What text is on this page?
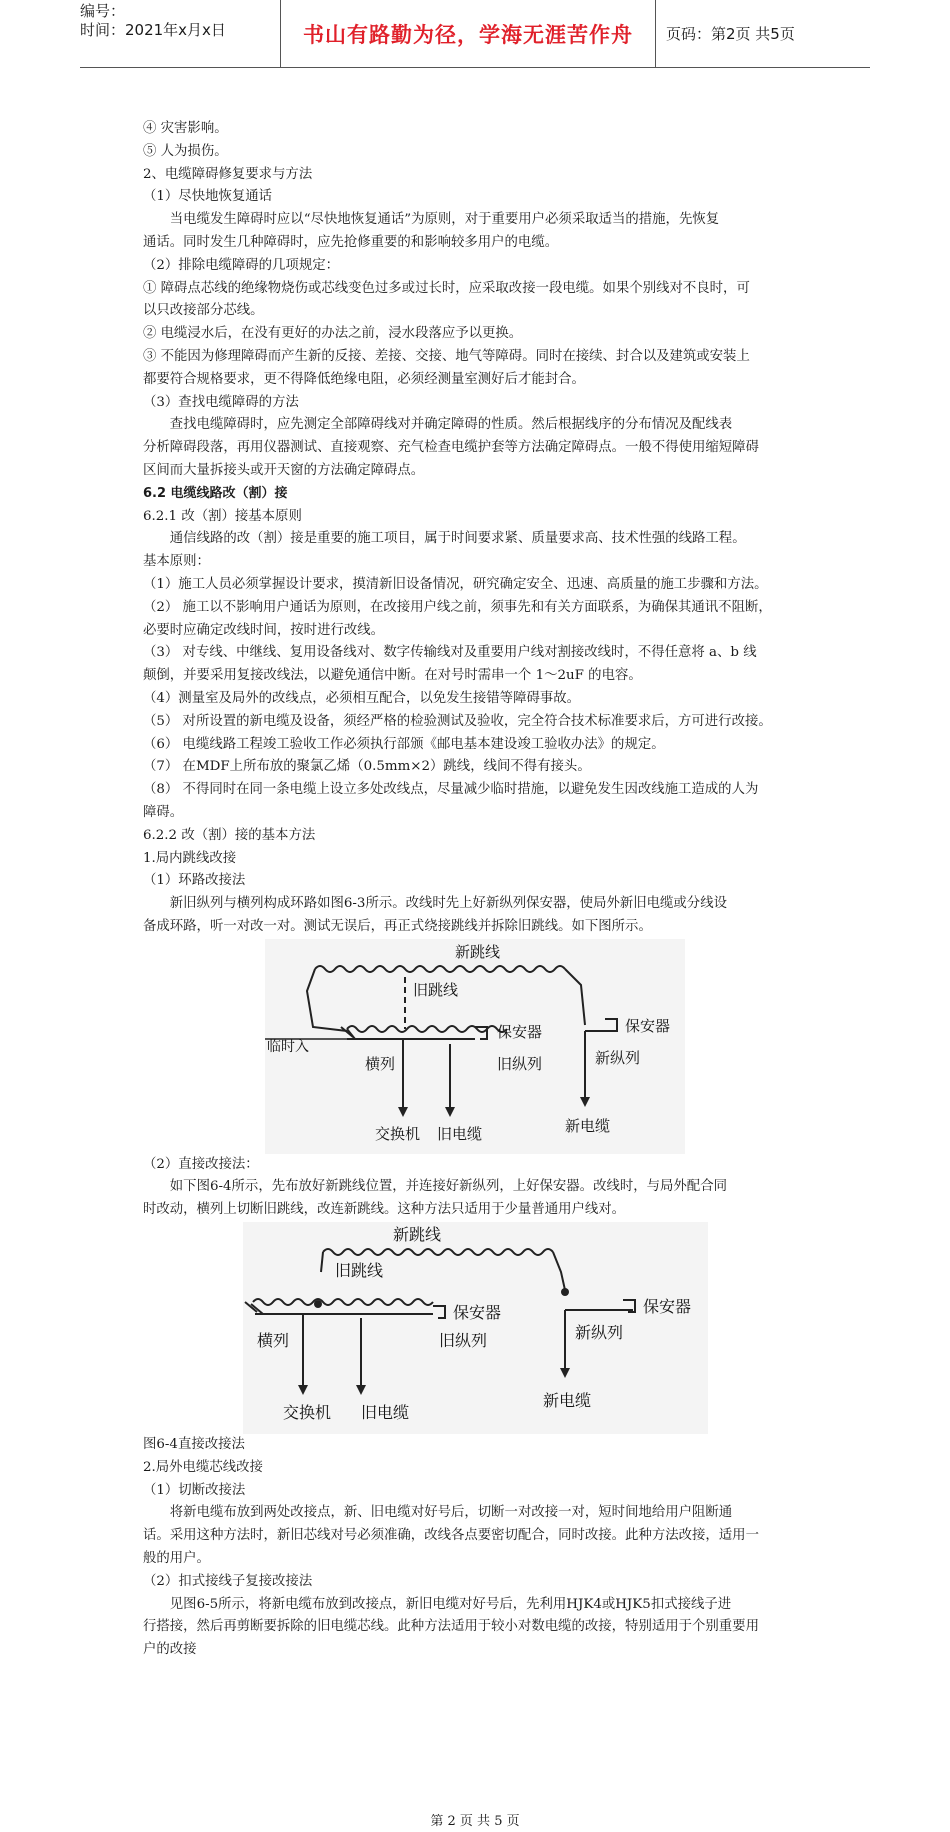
编号：
时间：2021年x月x日	书山有路勤为径，学海无涯苦作舟	页码：第2页 共5页

④ 灾害影响。

⑤ 人为损伤。

2、电缆障碍修复要求与方法

（1）尽快地恢复通话

当电缆发生障碍时应以“尽快地恢复通话”为原则，对于重要用户必须采取适当的措施，先恢复

通话。同时发生几种障碍时，应先抢修重要的和影响较多用户的电缆。

（2）排除电缆障碍的几项规定：

① 障碍点芯线的绝缘物烧伤或芯线变色过多或过长时，应采取改接一段电缆。如果个别线对不良时，可

以只改接部分芯线。

② 电缆浸水后，在没有更好的办法之前，浸水段落应予以更换。

③ 不能因为修理障碍而产生新的反接、差接、交接、地气等障碍。同时在接续、封合以及建筑或安装上

都要符合规格要求，更不得降低绝缘电阻，必须经测量室测好后才能封合。

（3）查找电缆障碍的方法

查找电缆障碍时，应先测定全部障碍线对并确定障碍的性质。然后根据线序的分布情况及配线表

分析障碍段落，再用仪器测试、直接观察、充气检查电缆护套等方法确定障碍点。一般不得使用缩短障碍

区间而大量拆接头或开天窗的方法确定障碍点。

6.2 电缆线路改（割）接

6.2.1 改（割）接基本原则

通信线路的改（割）接是重要的施工项目，属于时间要求紧、质量要求高、技术性强的线路工程。

基本原则：

（1）施工人员必须掌握设计要求，摸清新旧设备情况，研究确定安全、迅速、高质量的施工步骤和方法。

（2） 施工以不影响用户通话为原则，在改接用户线之前，须事先和有关方面联系，为确保其通讯不阻断，

必要时应确定改线时间，按时进行改线。

（3） 对专线、中继线、复用设备线对、数字传输线对及重要用户线对割接改线时，不得任意将 a、b 线

颠倒，并要采用复接改线法，以避免通信中断。在对号时需串一个 1～2uF 的电容。

（4）测量室及局外的改线点，必须相互配合，以免发生接错等障碍事故。

（5） 对所设置的新电缆及设备，须经严格的检验测试及验收，完全符合技术标准要求后，方可进行改接。

（6） 电缆线路工程竣工验收工作必须执行部颁《邮电基本建设竣工验收办法》的规定。

（7） 在MDF上所布放的聚氯乙烯（0.5mm×2）跳线，线间不得有接头。

（8） 不得同时在同一条电缆上设立多处改线点，尽量减少临时措施，以避免发生因改线施工造成的人为

障碍。

6.2.2 改（割）接的基本方法

1.局内跳线改接

（1）环路改接法

新旧纵列与横列构成环路如图6-3所示。改线时先上好新纵列保安器，使局外新旧电缆或分线设

备成环路，听一对改一对。测试无误后，再正式绕接跳线并拆除旧跳线。如下图所示。

新跳线
旧跳线
临时入
保安器	保安器
横列	旧纵列	新纵列
交换机 旧电缆	新电缆

（2）直接改接法：

如下图6-4所示，先布放好新跳线位置，并连接好新纵列，上好保安器。改线时，与局外配合同

时改动，横列上切断旧跳线，改连新跳线。这种方法只适用于少量普通用户线对。

新跳线
旧跳线
保安器	保安器
横列	旧纵列	新纵列
交换机 旧电缆
新电缆

图6-4直接改接法

2.局外电缆芯线改接

（1）切断改接法

将新电缆布放到两处改接点，新、旧电缆对好号后，切断一对改接一对，短时间地给用户阻断通

话。采用这种方法时，新旧芯线对号必须准确，改线各点要密切配合，同时改接。此种方法改接，适用一

般的用户。

（2）扣式接线子复接改接法

见图6-5所示，将新电缆布放到改接点，新旧电缆对好号后，先利用HJK4或HJK5扣式接线子进

行搭接，然后再剪断要拆除的旧电缆芯线。此种方法适用于较小对数电缆的改接，特别适用于个别重要用

户的改接

第 2 页 共 5 页
